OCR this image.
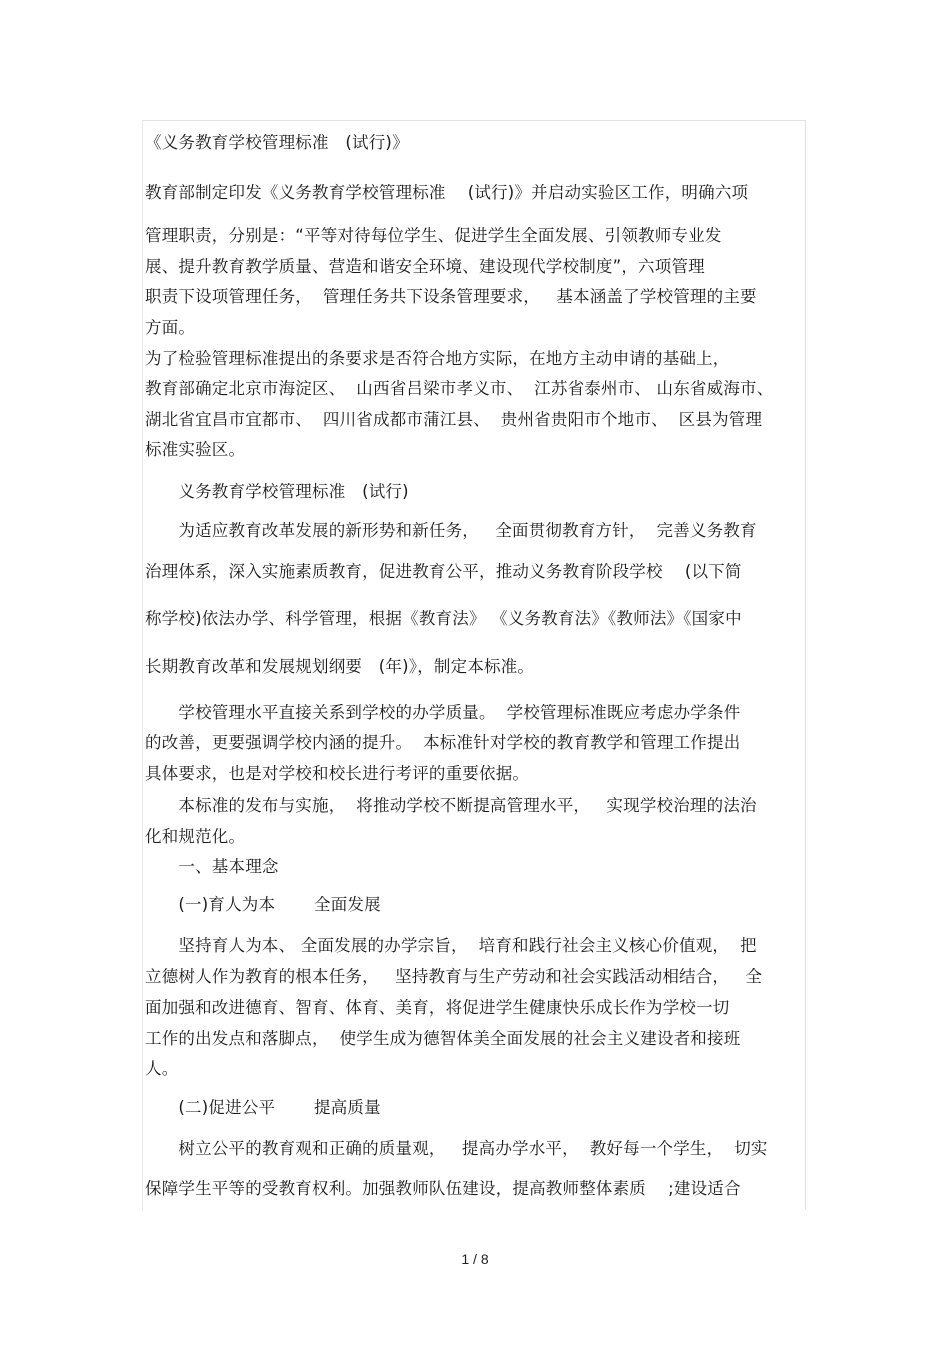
《义务教育学校管理标准　(试行)》
教育部制定印发《义务教育学校管理标准　 (试行)》并启动实验区工作，明确六项
管理职责，分别是：“平等对待每位学生、促进学生全面发展、引领教师专业发
展、提升教育教学质量、营造和谐安全环境、建设现代学校制度”，六项管理
职责下设项管理任务，  管理任务共下设条管理要求，   基本涵盖了学校管理的主要
方面。
为了检验管理标准提出的条要求是否符合地方实际，在地方主动申请的基础上，
教育部确定北京市海淀区、  山西省吕梁市孝义市、  江苏省泰州市、 山东省威海市、
湖北省宜昌市宜都市、  四川省成都市蒲江县、  贵州省贵阳市个地市、  区县为管理
标准实验区。
　　义务教育学校管理标准　(试行)
　　为适应教育改革发展的新形势和新任务，   全面贯彻教育方针，  完善义务教育
治理体系，深入实施素质教育，促进教育公平，推动义务教育阶段学校　 (以下简
称学校)依法办学、科学管理，根据《教育法》 《义务教育法》《教师法》《国家中
长期教育改革和发展规划纲要　(年)》，制定本标准。
　　学校管理水平直接关系到学校的办学质量。  学校管理标准既应考虑办学条件
的改善，更要强调学校内涵的提升。  本标准针对学校的教育教学和管理工作提出
具体要求，也是对学校和校长进行考评的重要依据。
　　本标准的发布与实施，  将推动学校不断提高管理水平，   实现学校治理的法治
化和规范化。
　　一、基本理念
　　(一)育人为本　　 全面发展
　　坚持育人为本、 全面发展的办学宗旨，  培育和践行社会主义核心价值观，  把
立德树人作为教育的根本任务，   坚持教育与生产劳动和社会实践活动相结合，   全
面加强和改进德育、智育、体育、美育，将促进学生健康快乐成长作为学校一切
工作的出发点和落脚点，  使学生成为德智体美全面发展的社会主义建设者和接班
人。
　　(二)促进公平　　 提高质量
　　树立公平的教育观和正确的质量观，   提高办学水平，  教好每一个学生，  切实
保障学生平等的受教育权利。加强教师队伍建设，提高教师整体素质　 ;建设适合
1 / 8
